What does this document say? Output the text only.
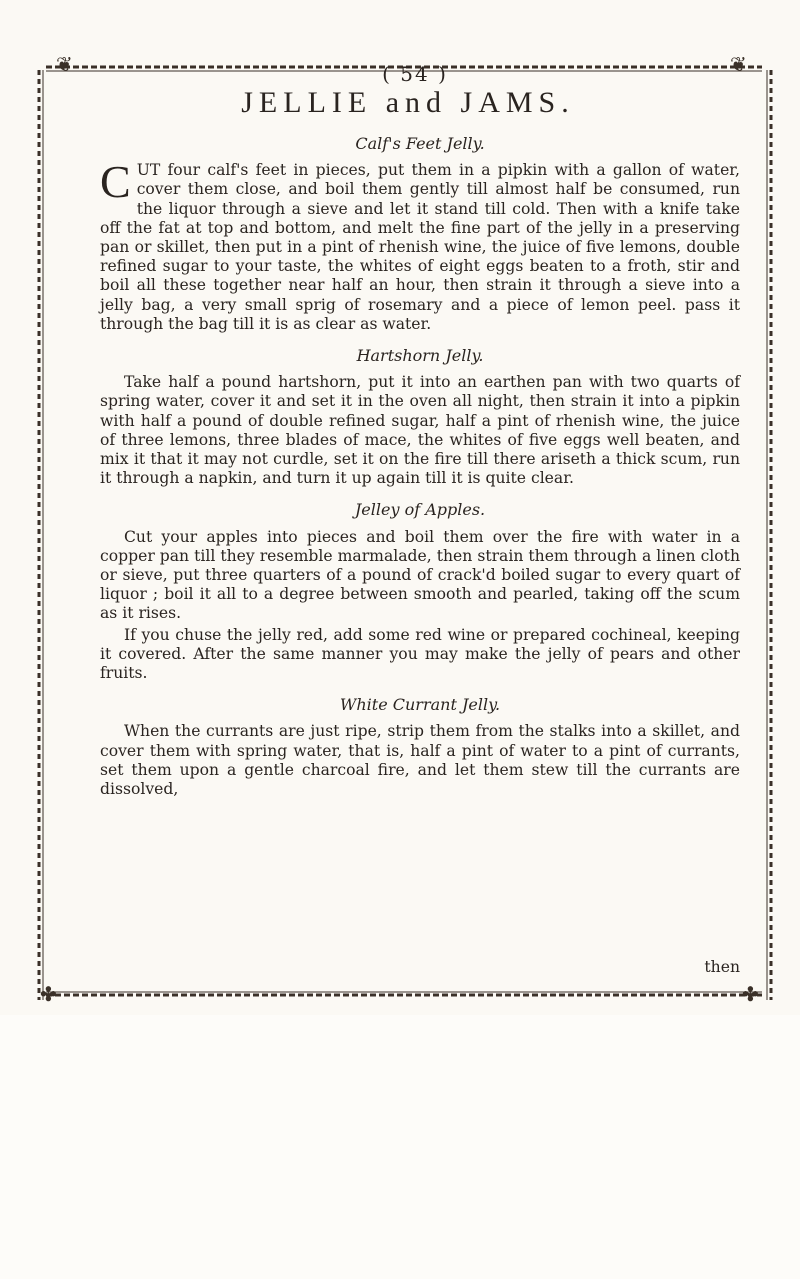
❦	❦
✤	✤
( 54 )
JELLIE and JAMS.
Calf's Feet Jelly.

CUT four calf's feet in pieces, put them in a pipkin with a gallon of water, cover them close, and boil them gently till almost half be consumed, run the liquor through a sieve and let it stand till cold. Then with a knife take off the fat at top and bottom, and melt the fine part of the jelly in a preserving pan or skillet, then put in a pint of rhenish wine, the juice of five lemons, double refined sugar to your taste, the whites of eight eggs beaten to a froth, stir and boil all these together near half an hour, then strain it through a sieve into a jelly bag, a very small sprig of rosemary and a piece of lemon peel. pass it through the bag till it is as clear as water.

Hartshorn Jelly.

Take half a pound hartshorn, put it into an earthen pan with two quarts of spring water, cover it and set it in the oven all night, then strain it into a pipkin with half a pound of double refined sugar, half a pint of rhenish wine, the juice of three lemons, three blades of mace, the whites of five eggs well beaten, and mix it that it may not curdle, set it on the fire till there ariseth a thick scum, run it through a napkin, and turn it up again till it is quite clear.

Jelley of Apples.

Cut your apples into pieces and boil them over the fire with water in a copper pan till they resemble marmalade, then strain them through a linen cloth or sieve, put three quarters of a pound of crack'd boiled sugar to every quart of liquor ; boil it all to a degree between smooth and pearled, taking off the scum as it rises.

If you chuse the jelly red, add some red wine or prepared cochineal, keeping it covered. After the same manner you may make the jelly of pears and other fruits.

White Currant Jelly.

When the currants are just ripe, strip them from the stalks into a skillet, and cover them with spring water, that is, half a pint of water to a pint of currants, set them upon a gentle charcoal fire, and let them stew till the currants are dissolved,

then
